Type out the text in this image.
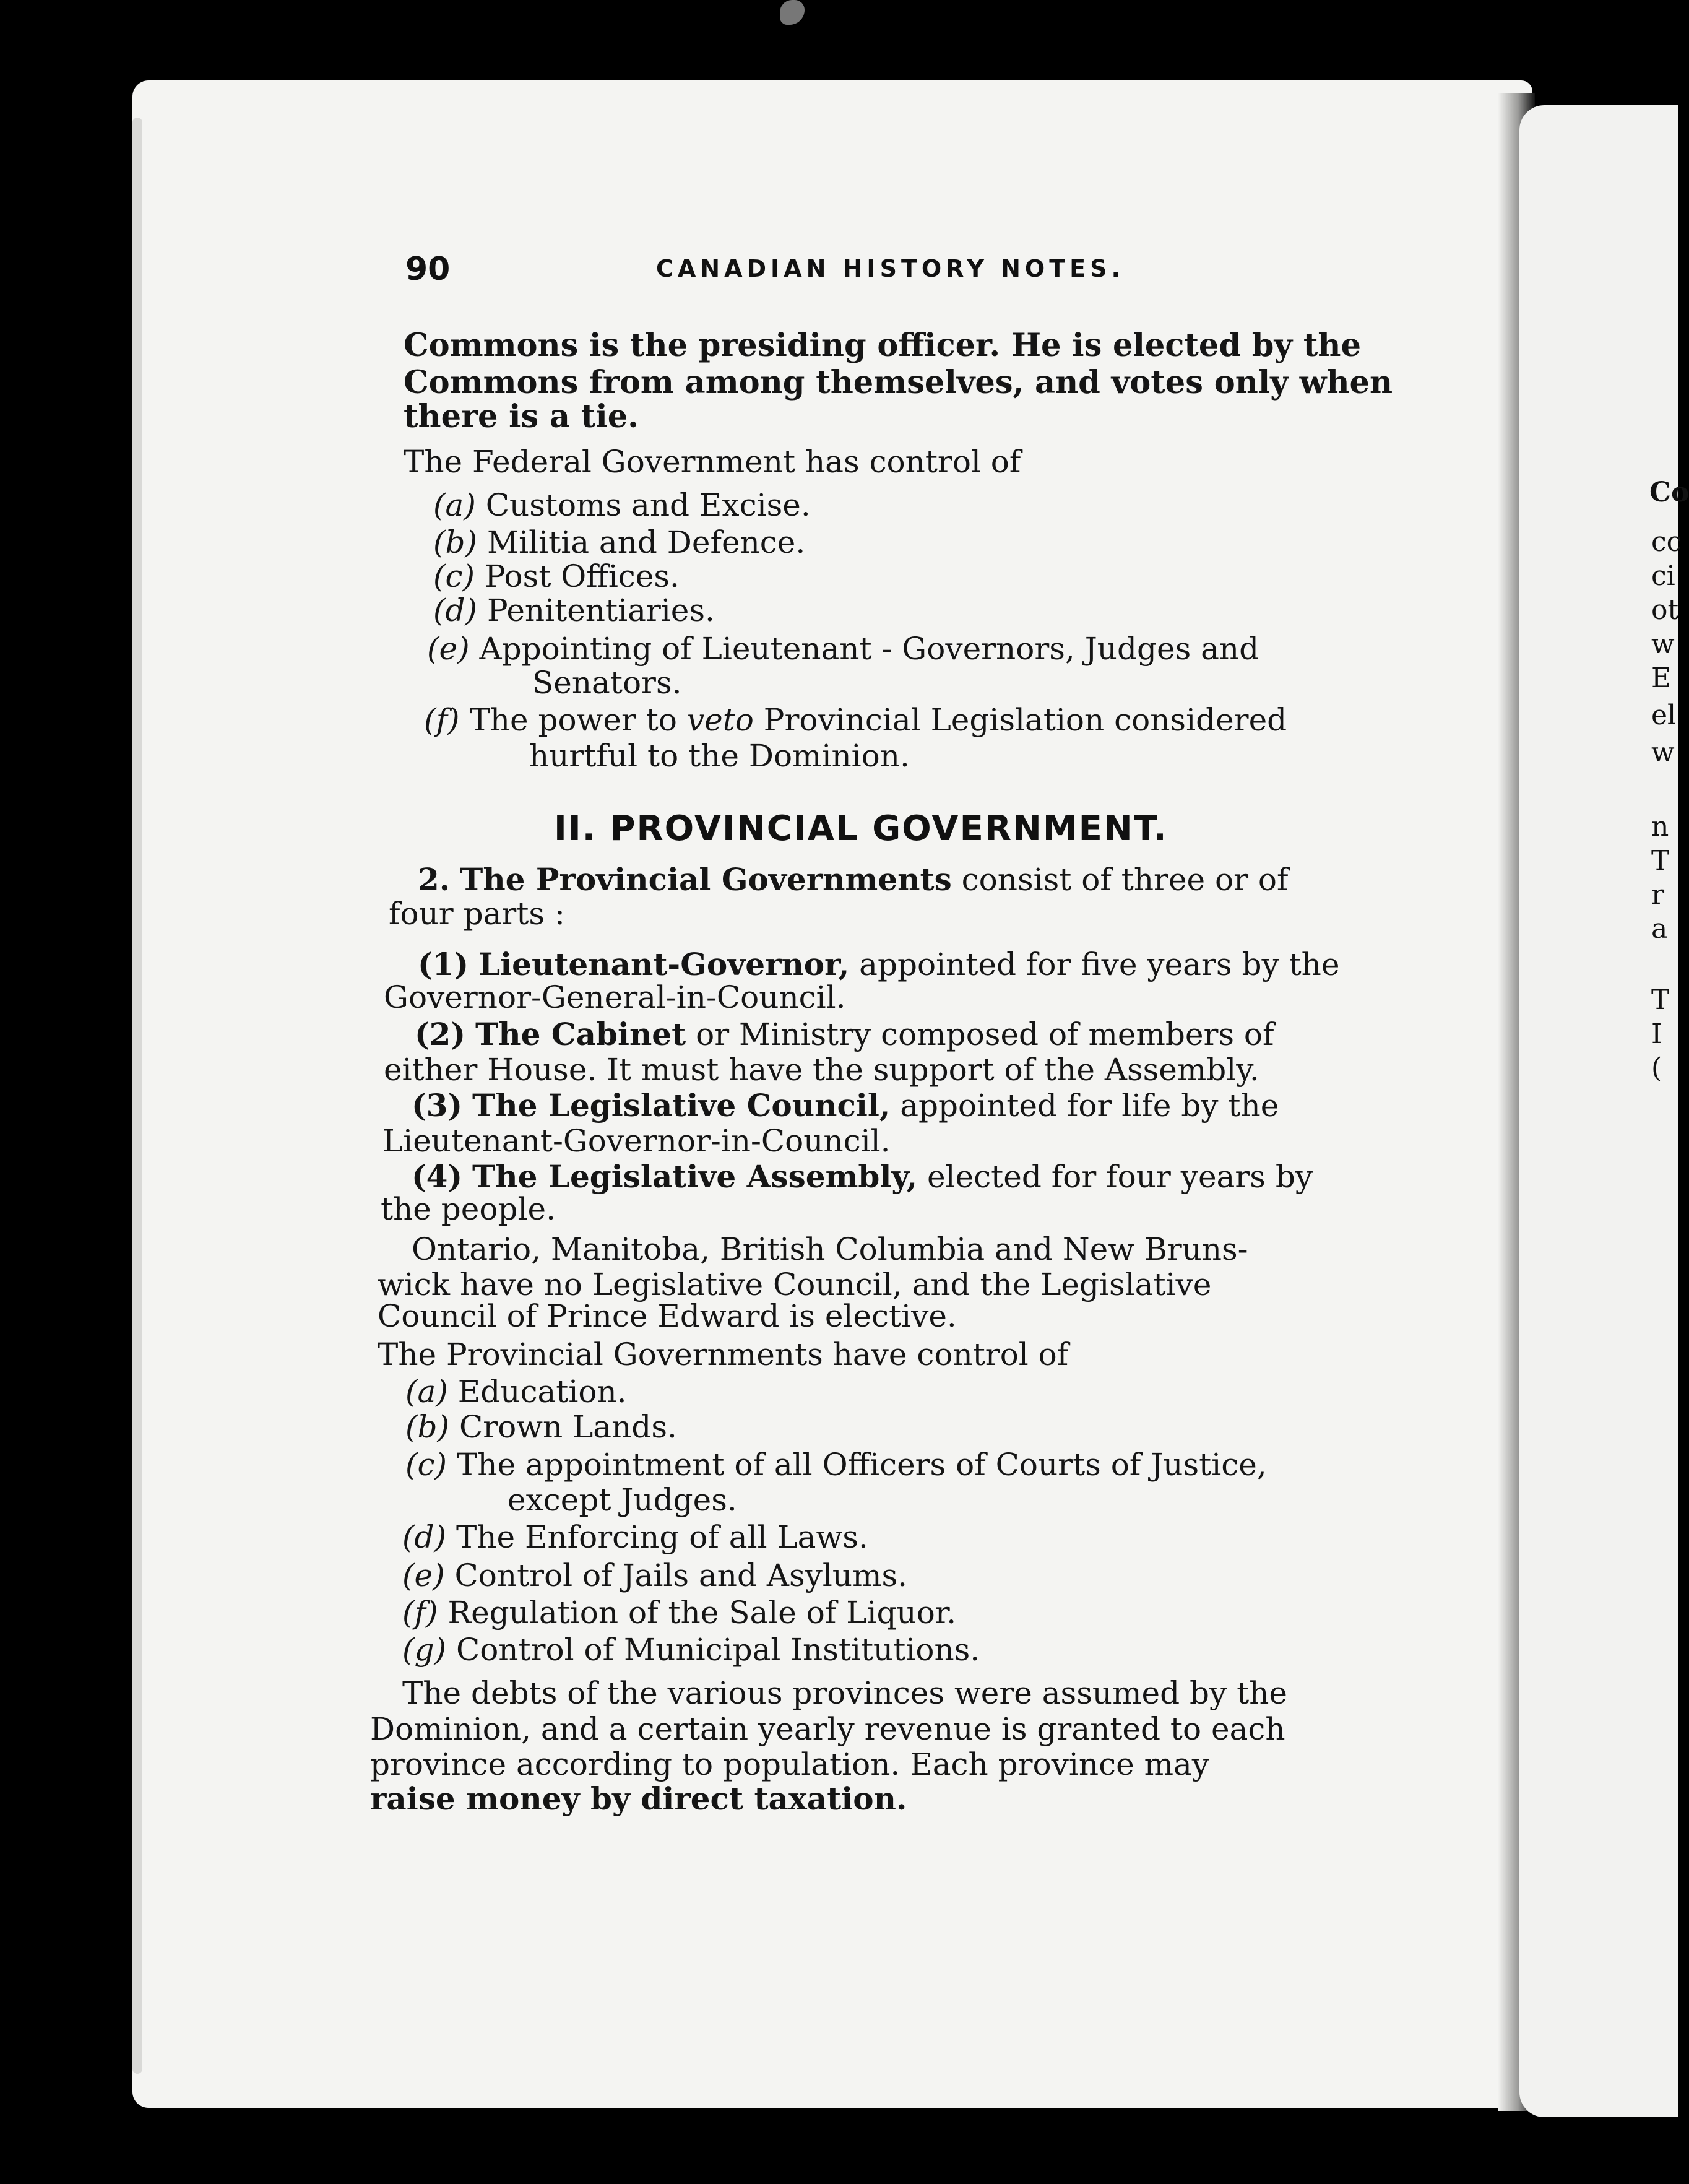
90	CANADIAN HISTORY NOTES.
Commons is the presiding officer. He is elected by the
Commons from among themselves, and votes only when
there is a tie.
The Federal Government has control of
(a) Customs and Excise.
(b) Militia and Defence.
(c) Post Offices.
(d) Penitentiaries.
(e) Appointing of Lieutenant - Governors, Judges and
Senators.
(f) The power to veto Provincial Legislation considered
hurtful to the Dominion.
II. PROVINCIAL GOVERNMENT.
2. The Provincial Governments consist of three or of
four parts :
(1) Lieutenant-Governor, appointed for five years by the
Governor-General-in-Council.
(2) The Cabinet or Ministry composed of members of
either House. It must have the support of the Assembly.
(3) The Legislative Council, appointed for life by the
Lieutenant-Governor-in-Council.
(4) The Legislative Assembly, elected for four years by
the people.
Ontario, Manitoba, British Columbia and New Bruns-
wick have no Legislative Council, and the Legislative
Council of Prince Edward is elective.
The Provincial Governments have control of
(a) Education.
(b) Crown Lands.
(c) The appointment of all Officers of Courts of Justice,
except Judges.
(d) The Enforcing of all Laws.
(e) Control of Jails and Asylums.
(f) Regulation of the Sale of Liquor.
(g) Control of Municipal Institutions.
The debts of the various provinces were assumed by the
Dominion, and a certain yearly revenue is granted to each
province according to population. Each province may
raise money by direct taxation.
Co
cc
ci
ot
w
E
el
w
n
T
r
a
T
I
(
